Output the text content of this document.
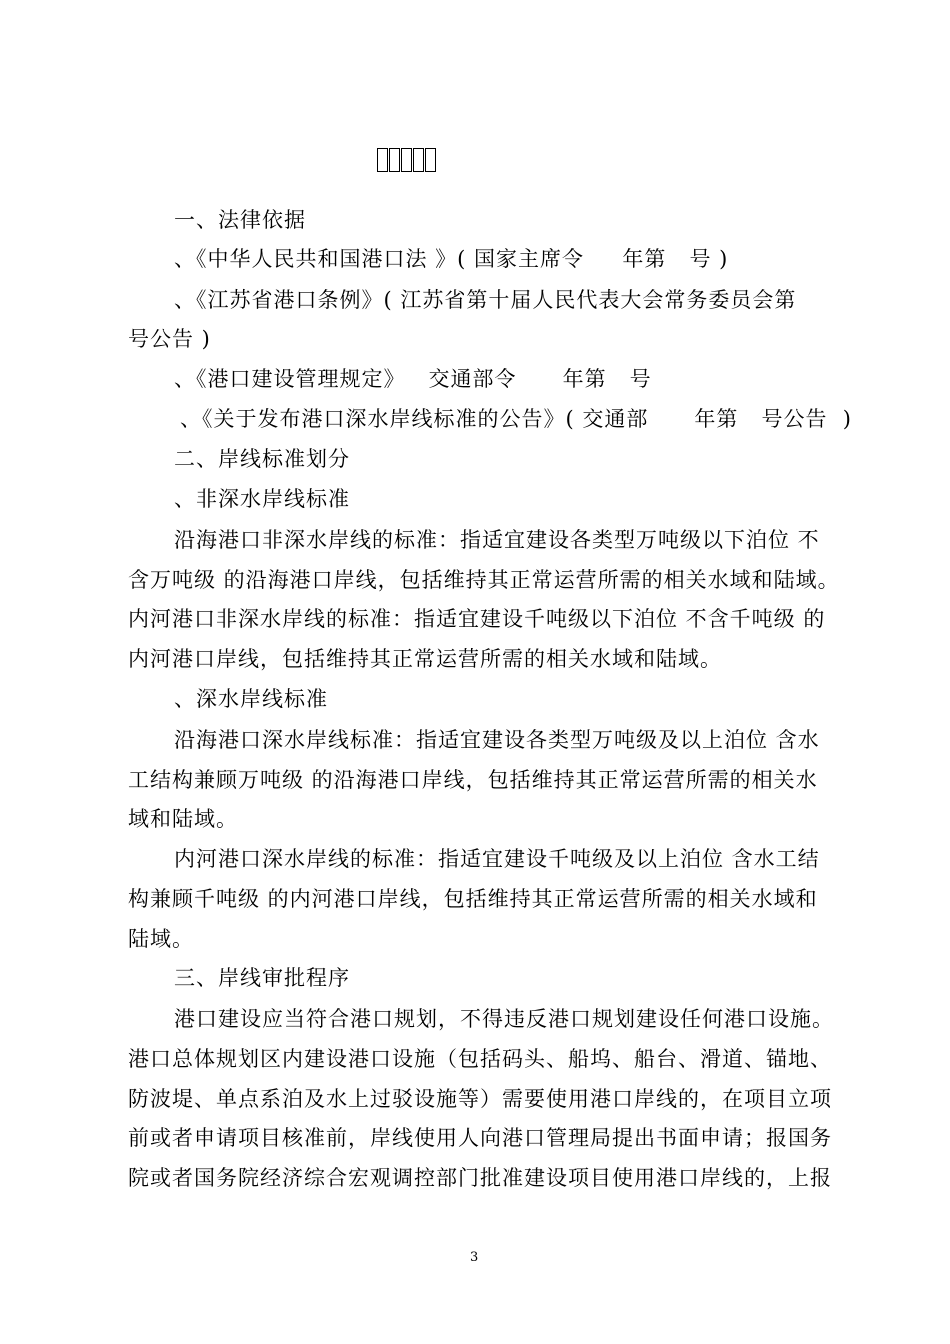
一、法律依据
、《中华人民共和国港口法 》( 国家主席令     年第   号 )
、《江苏省港口条例》( 江苏省第十届人民代表大会常务委员会第
号公告 )
、《港口建设管理规定》   交通部令      年第   号
、《关于发布港口深水岸线标准的公告》( 交通部      年第   号公告  )
二、岸线标准划分
、非深水岸线标准
沿海港口非深水岸线的标准：指适宜建设各类型万吨级以下泊位 不
含万吨级 的沿海港口岸线，包括维持其正常运营所需的相关水域和陆域。
内河港口非深水岸线的标准：指适宜建设千吨级以下泊位 不含千吨级 的
内河港口岸线，包括维持其正常运营所需的相关水域和陆域。
、深水岸线标准
沿海港口深水岸线标准：指适宜建设各类型万吨级及以上泊位 含水
工结构兼顾万吨级 的沿海港口岸线，包括维持其正常运营所需的相关水
域和陆域。
内河港口深水岸线的标准：指适宜建设千吨级及以上泊位 含水工结
构兼顾千吨级 的内河港口岸线，包括维持其正常运营所需的相关水域和
陆域。
三、岸线审批程序
港口建设应当符合港口规划，不得违反港口规划建设任何港口设施。
港口总体规划区内建设港口设施（包括码头、船坞、船台、滑道、锚地、
防波堤、单点系泊及水上过驳设施等）需要使用港口岸线的，在项目立项
前或者申请项目核准前，岸线使用人向港口管理局提出书面申请；报国务
院或者国务院经济综合宏观调控部门批准建设项目使用港口岸线的，上报
3
